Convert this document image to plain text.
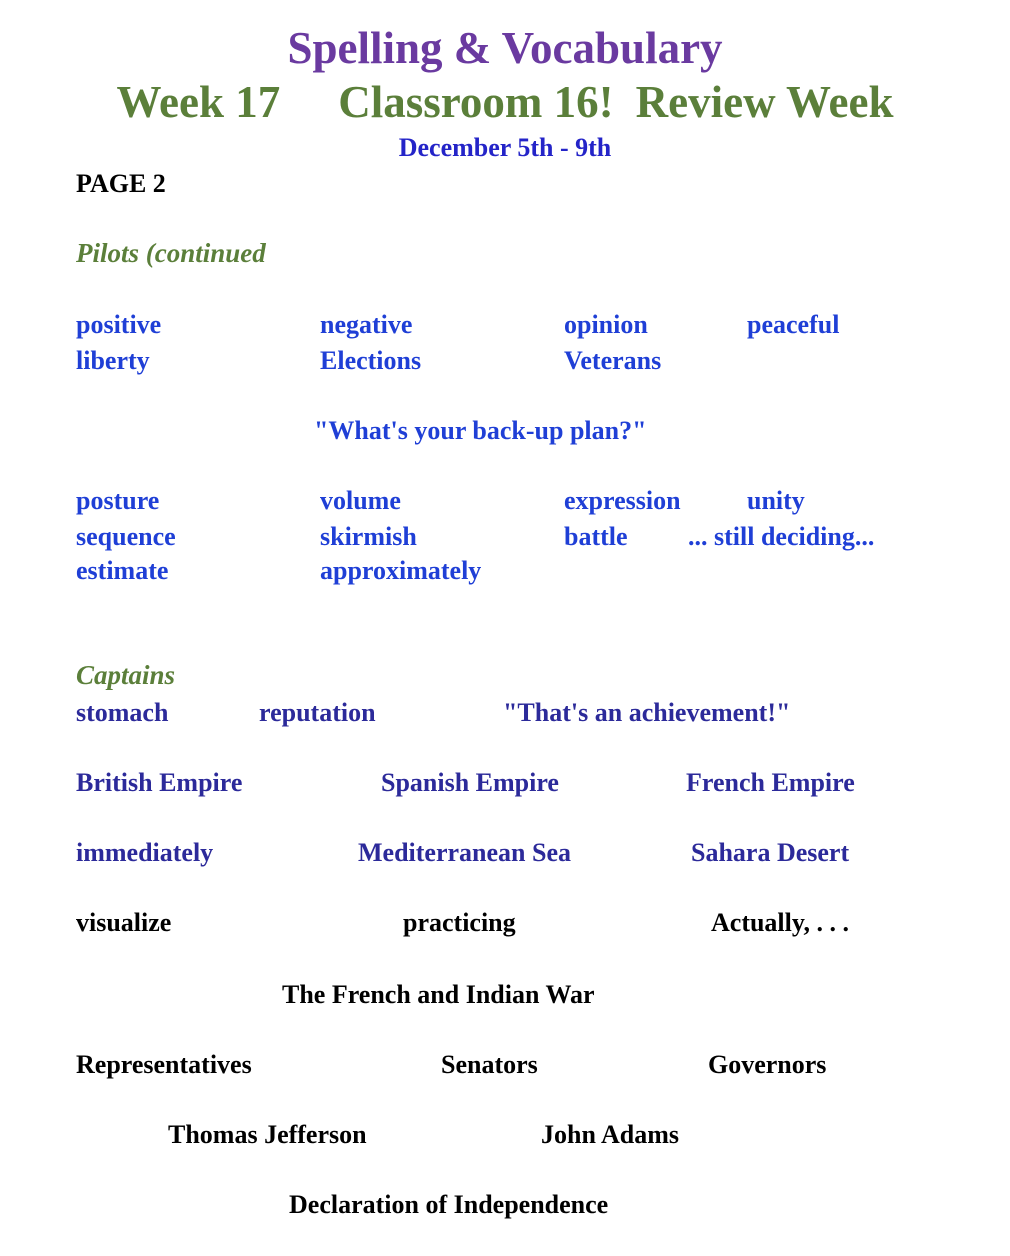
Spelling & Vocabulary
Week 17 Classroom 16! Review Week
December 5th - 9th
PAGE 2
Pilots (continued
positive	negative	opinion	peaceful
liberty	Elections	Veterans
"What's your back-up plan?"
posture	volume	expression	unity
sequence	skirmish	battle ... still deciding...
estimate	approximately
Captains
stomach	reputation	"That's an achievement!"
British Empire	Spanish Empire	French Empire
immediately	Mediterranean Sea	Sahara Desert
visualize	practicing	Actually, . . .
The French and Indian War
Representatives	Senators	Governors
Thomas Jefferson	John Adams
Declaration of Independence
